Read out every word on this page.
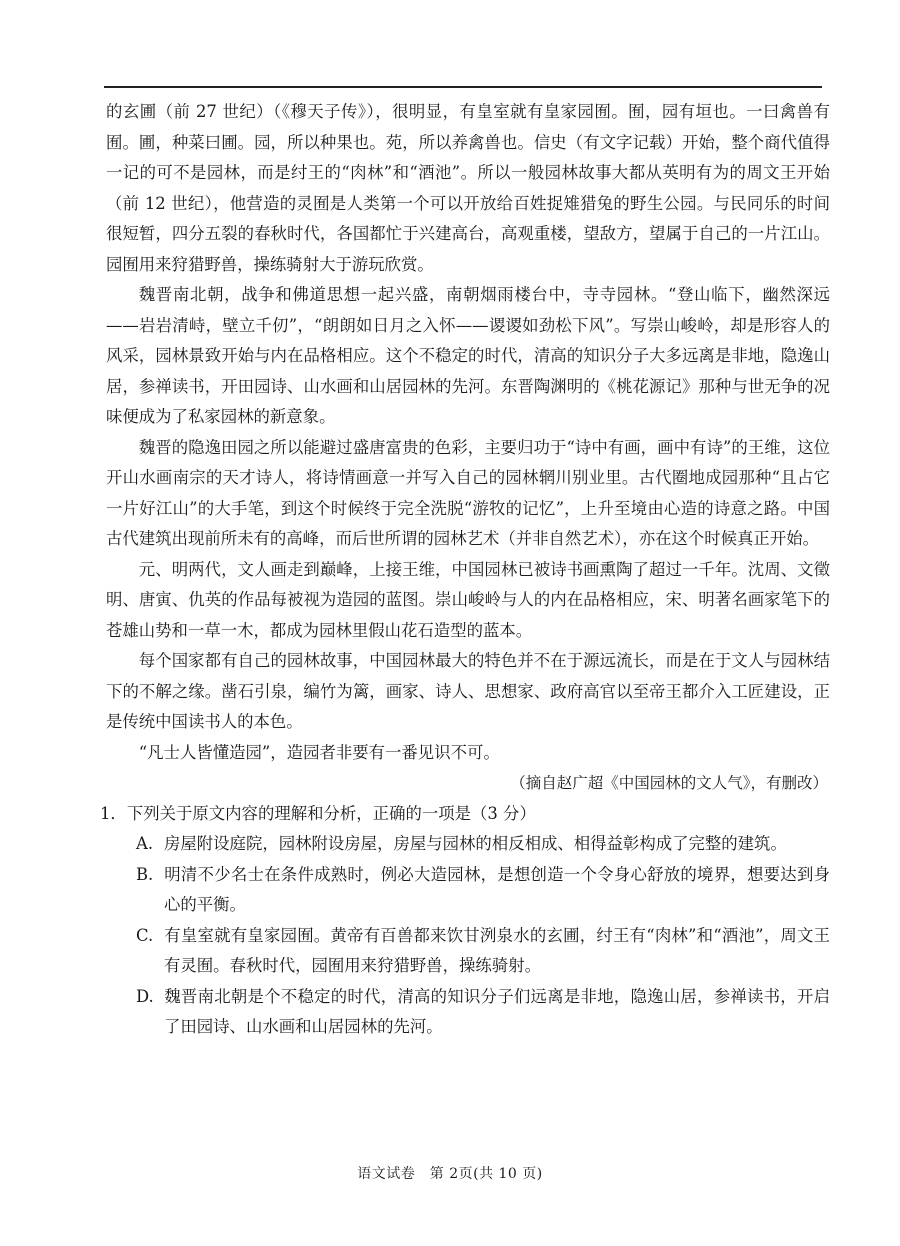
的玄圃（前 27 世纪）（《穆天子传》），很明显，有皇室就有皇家园囿。囿，园有垣也。一曰禽兽有囿。圃，种菜曰圃。园，所以种果也。苑，所以养禽兽也。信史（有文字记载）开始，整个商代值得一记的可不是园林，而是纣王的“肉林”和“酒池”。所以一般园林故事大都从英明有为的周文王开始（前 12 世纪），他营造的灵囿是人类第一个可以开放给百姓捉雉猎兔的野生公园。与民同乐的时间很短暂，四分五裂的春秋时代，各国都忙于兴建高台，高观重楼，望敌方，望属于自己的一片江山。园囿用来狩猎野兽，操练骑射大于游玩欣赏。

魏晋南北朝，战争和佛道思想一起兴盛，南朝烟雨楼台中，寺寺园林。“登山临下，幽然深远——岩岩清峙，壁立千仞”，“朗朗如日月之入怀——谡谡如劲松下风”。写崇山峻岭，却是形容人的风采，园林景致开始与内在品格相应。这个不稳定的时代，清高的知识分子大多远离是非地，隐逸山居，参禅读书，开田园诗、山水画和山居园林的先河。东晋陶渊明的《桃花源记》那种与世无争的况味便成为了私家园林的新意象。

魏晋的隐逸田园之所以能避过盛唐富贵的色彩，主要归功于“诗中有画，画中有诗”的王维，这位开山水画南宗的天才诗人，将诗情画意一并写入自己的园林辋川别业里。古代圈地成园那种“且占它一片好江山”的大手笔，到这个时候终于完全洗脱“游牧的记忆”，上升至境由心造的诗意之路。中国古代建筑出现前所未有的高峰，而后世所谓的园林艺术（并非自然艺术），亦在这个时候真正开始。

元、明两代，文人画走到巅峰，上接王维，中国园林已被诗书画熏陶了超过一千年。沈周、文徵明、唐寅、仇英的作品每被视为造园的蓝图。崇山峻岭与人的内在品格相应，宋、明著名画家笔下的苍雄山势和一草一木，都成为园林里假山花石造型的蓝本。

每个国家都有自己的园林故事，中国园林最大的特色并不在于源远流长，而是在于文人与园林结下的不解之缘。凿石引泉，编竹为篱，画家、诗人、思想家、政府高官以至帝王都介入工匠建设，正是传统中国读书人的本色。

“凡士人皆懂造园”，造园者非要有一番见识不可。

（摘自赵广超《中国园林的文人气》，有删改）

1．下列关于原文内容的理解和分析，正确的一项是（3 分）

A. 房屋附设庭院，园林附设房屋，房屋与园林的相反相成、相得益彰构成了完整的建筑。
B. 明清不少名士在条件成熟时，例必大造园林，是想创造一个令身心舒放的境界，想要达到身心的平衡。
C. 有皇室就有皇家园囿。黄帝有百兽都来饮甘洌泉水的玄圃，纣王有“肉林”和“酒池”，周文王有灵囿。春秋时代，园囿用来狩猎野兽，操练骑射。
D. 魏晋南北朝是个不稳定的时代，清高的知识分子们远离是非地，隐逸山居，参禅读书，开启了田园诗、山水画和山居园林的先河。
语文试卷　第 2页(共 10 页)
